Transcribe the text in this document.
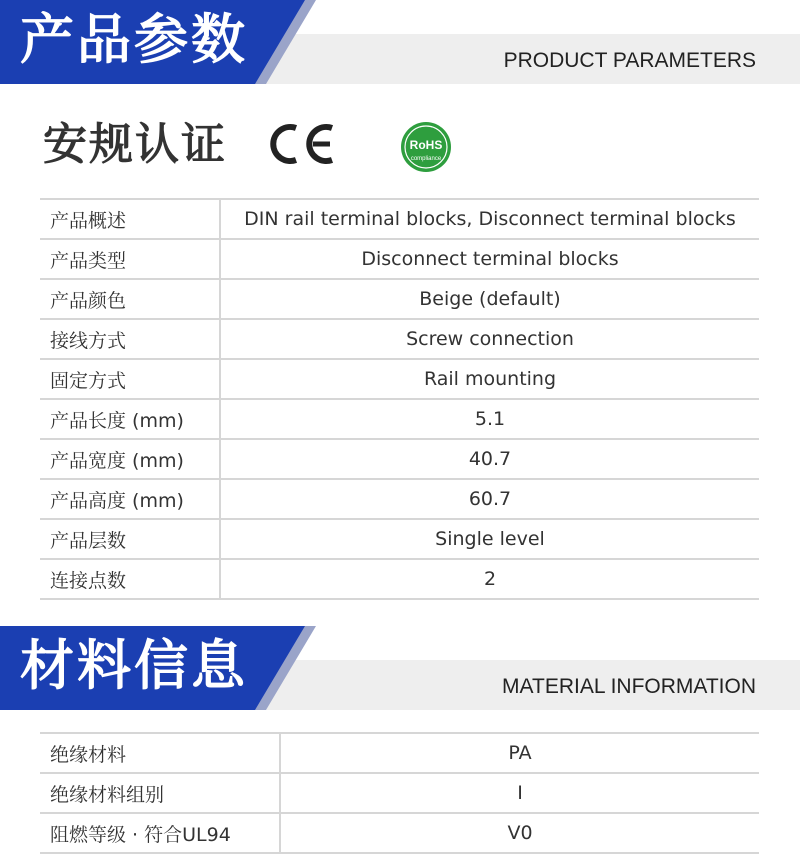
产品参数	PRODUCT PARAMETERS
安规认证	RoHS
compliance
产品概述	DIN rail terminal blocks, Disconnect terminal blocks
产品类型	Disconnect terminal blocks
产品颜色	Beige (default)
接线方式	Screw connection
固定方式	Rail mounting
产品长度 (mm)	5.1
产品宽度 (mm)	40.7
产品高度 (mm)	60.7
产品层数	Single level
连接点数	2
材料信息	MATERIAL INFORMATION
绝缘材料	PA
绝缘材料组别	I
阻燃等级 · 符合UL94	V0
